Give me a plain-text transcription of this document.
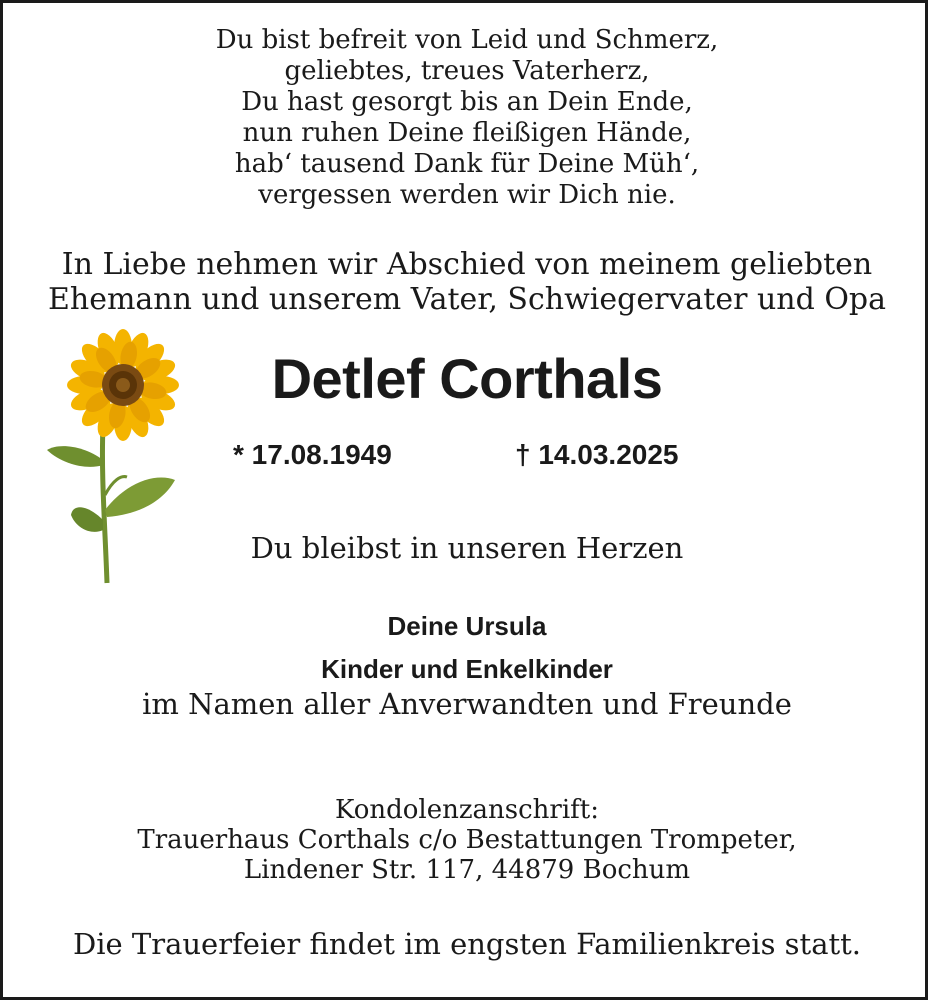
Du bist befreit von Leid und Schmerz,
geliebtes, treues Vaterherz,
Du hast gesorgt bis an Dein Ende,
nun ruhen Deine fleißigen Hände,
hab‘ tausend Dank für Deine Müh‘,
vergessen werden wir Dich nie.
In Liebe nehmen wir Abschied von meinem geliebten
Ehemann und unserem Vater, Schwiegervater und Opa
Detlef Corthals
* 17.08.1949	† 14.03.2025
Du bleibst in unseren Herzen
Deine Ursula
Kinder und Enkelkinder
im Namen aller Anverwandten und Freunde
Kondolenzanschrift:
Trauerhaus Corthals c/o Bestattungen Trompeter,
Lindener Str. 117, 44879 Bochum
Die Trauerfeier findet im engsten Familienkreis statt.
